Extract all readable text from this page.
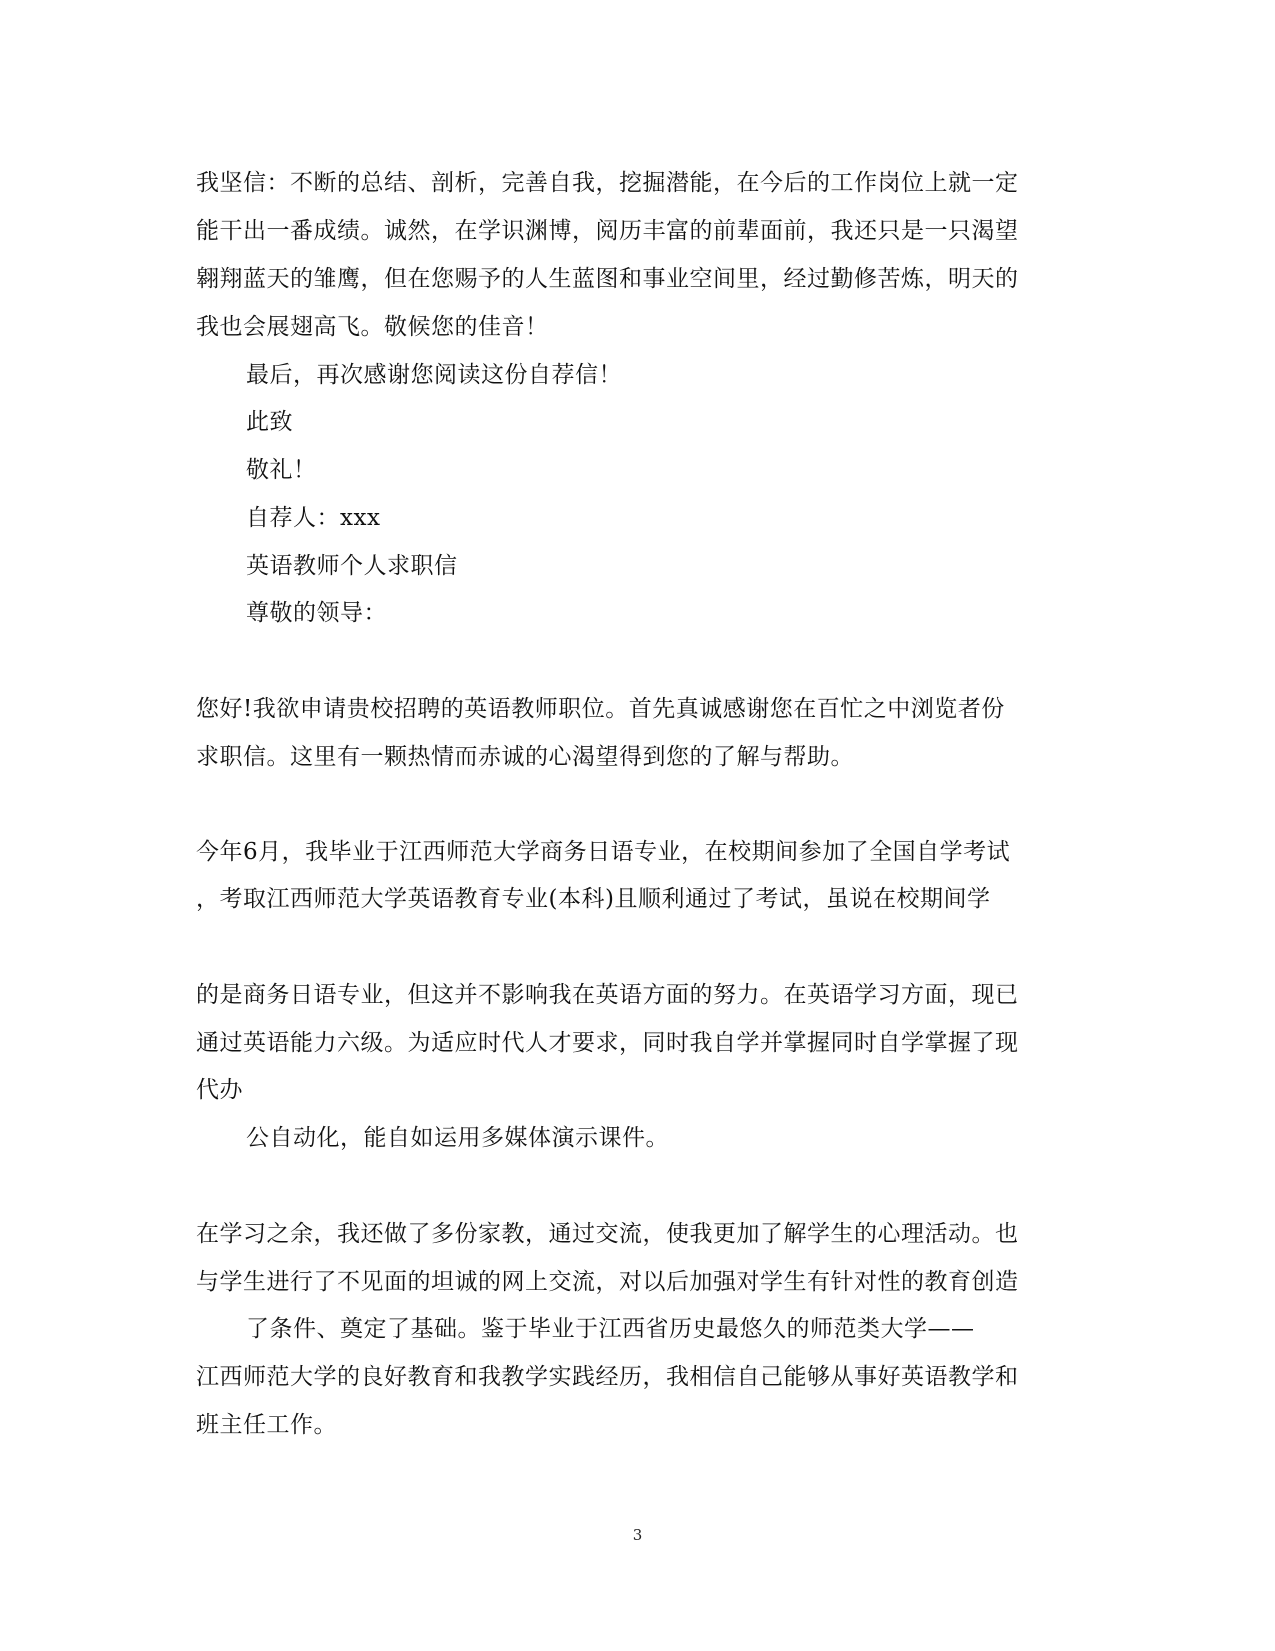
我坚信：不断的总结、剖析，完善自我，挖掘潜能，在今后的工作岗位上就一定
能干出一番成绩。诚然，在学识渊博，阅历丰富的前辈面前，我还只是一只渴望
翱翔蓝天的雏鹰，但在您赐予的人生蓝图和事业空间里，经过勤修苦炼，明天的
我也会展翅高飞。敬候您的佳音！
最后，再次感谢您阅读这份自荐信！
此致
敬礼！
自荐人：xxx
英语教师个人求职信
尊敬的领导：
您好!我欲申请贵校招聘的英语教师职位。首先真诚感谢您在百忙之中浏览者份
求职信。这里有一颗热情而赤诚的心渴望得到您的了解与帮助。
今年6月，我毕业于江西师范大学商务日语专业，在校期间参加了全国自学考试
，考取江西师范大学英语教育专业(本科)且顺利通过了考试，虽说在校期间学
的是商务日语专业，但这并不影响我在英语方面的努力。在英语学习方面，现已
通过英语能力六级。为适应时代人才要求，同时我自学并掌握同时自学掌握了现
代办
公自动化，能自如运用多媒体演示课件。
在学习之余，我还做了多份家教，通过交流，使我更加了解学生的心理活动。也
与学生进行了不见面的坦诚的网上交流，对以后加强对学生有针对性的教育创造
了条件、奠定了基础。鉴于毕业于江西省历史最悠久的师范类大学——
江西师范大学的良好教育和我教学实践经历，我相信自己能够从事好英语教学和
班主任工作。
3
